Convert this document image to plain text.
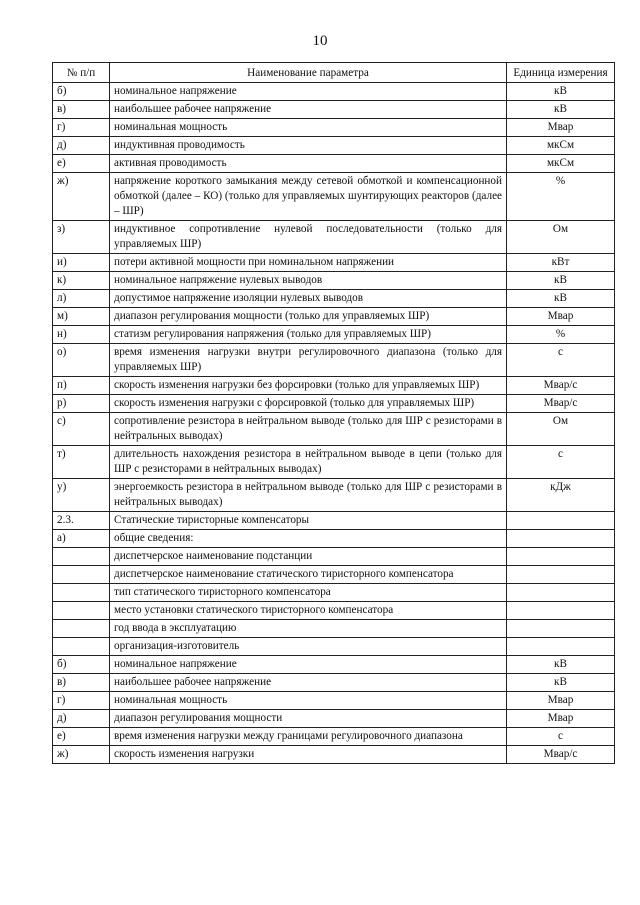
10
№ п/п	Наименование параметра	Единица измерения
б)	номинальное напряжение	кВ
в)	наибольшее рабочее напряжение	кВ
г)	номинальная мощность	Мвар
д)	индуктивная проводимость	мкСм
е)	активная проводимость	мкСм
ж)	напряжение короткого замыкания между сетевой обмоткой и компенсационной обмоткой (далее – КО) (только для управляемых шунтирующих реакторов (далее – ШР)	%
з)	индуктивное сопротивление нулевой последовательности (только для управляемых ШР)	Ом
и)	потери активной мощности при номинальном напряжении	кВт
к)	номинальное напряжение нулевых выводов	кВ
л)	допустимое напряжение изоляции нулевых выводов	кВ
м)	диапазон регулирования мощности (только для управляемых ШР)	Мвар
н)	статизм регулирования напряжения (только для управляемых ШР)	%
о)	время изменения нагрузки внутри регулировочного диапазона (только для управляемых ШР)	с
п)	скорость изменения нагрузки без форсировки (только для управляемых ШР)	Мвар/с
р)	скорость изменения нагрузки с форсировкой (только для управляемых ШР)	Мвар/с
с)	сопротивление резистора в нейтральном выводе (только для ШР с резисторами в нейтральных выводах)	Ом
т)	длительность нахождения резистора в нейтральном выводе в цепи (только для ШР с резисторами в нейтральных выводах)	с
у)	энергоемкость резистора в нейтральном выводе (только для ШР с резисторами в нейтральных выводах)	кДж
2.3.	Статические тиристорные компенсаторы	
а)	общие сведения:	
	диспетчерское наименование подстанции	
	диспетчерское наименование статического тиристорного компенсатора	
	тип статического тиристорного компенсатора	
	место установки статического тиристорного компенсатора	
	год ввода в эксплуатацию	
	организация-изготовитель	
б)	номинальное напряжение	кВ
в)	наибольшее рабочее напряжение	кВ
г)	номинальная мощность	Мвар
д)	диапазон регулирования мощности	Мвар
е)	время изменения нагрузки между границами регулировочного диапазона	с
ж)	скорость изменения нагрузки	Мвар/с
